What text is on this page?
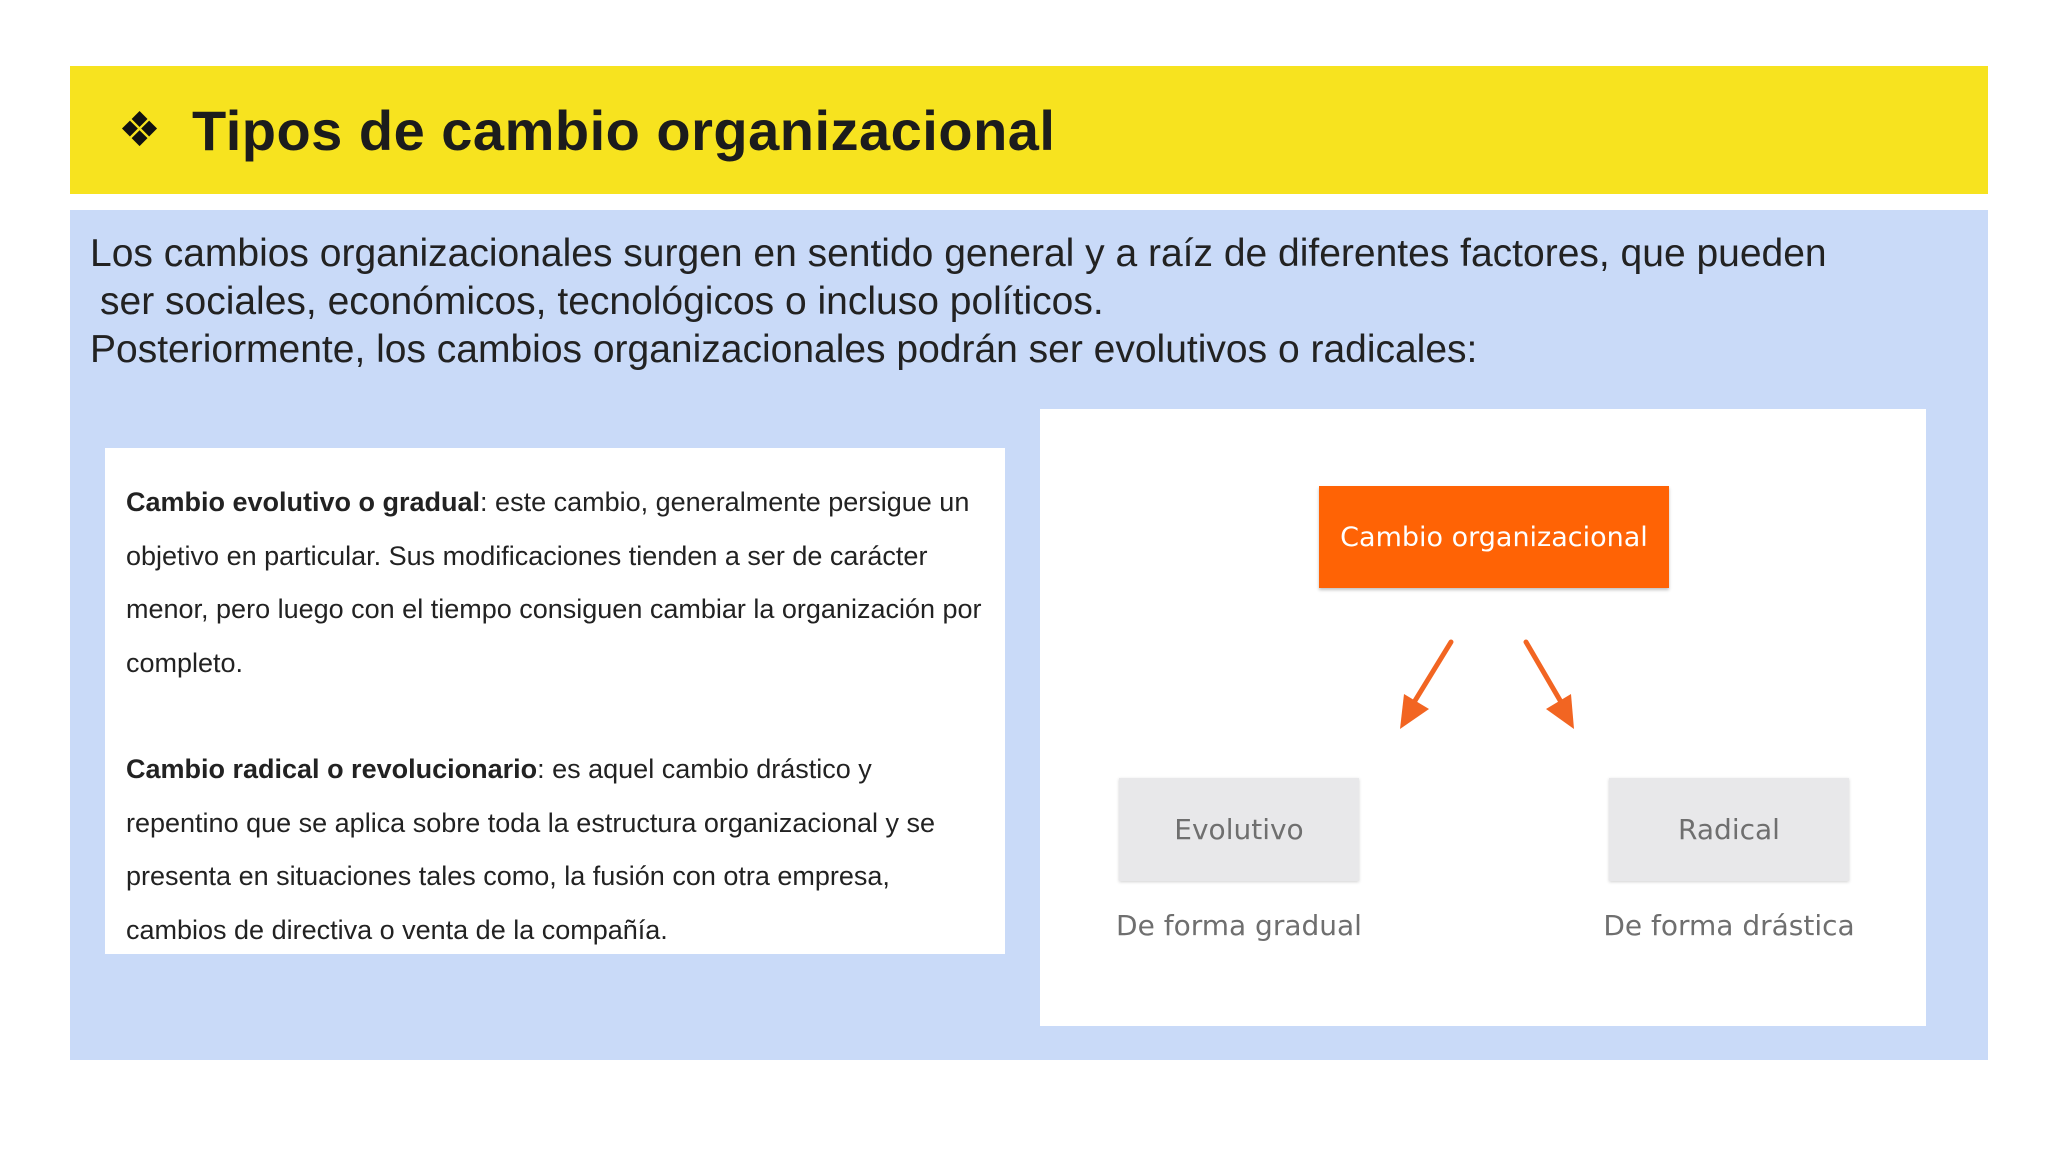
❖ Tipos de cambio organizacional

Los cambios organizacionales surgen en sentido general y a raíz de diferentes factores, que pueden

ser sociales, económicos, tecnológicos o incluso políticos.

Posteriormente, los cambios organizacionales podrán ser evolutivos o radicales:

Cambio evolutivo o gradual: este cambio, generalmente persigue un objetivo en particular. Sus modificaciones tienden a ser de carácter menor, pero luego con el tiempo consiguen cambiar la organización por completo.

Cambio radical o revolucionario: es aquel cambio drástico y repentino que se aplica sobre toda la estructura organizacional y se presenta en situaciones tales como, la fusión con otra empresa, cambios de directiva o venta de la compañía.

Cambio organizacional
Evolutivo	Radical
De forma gradual	De forma drástica
